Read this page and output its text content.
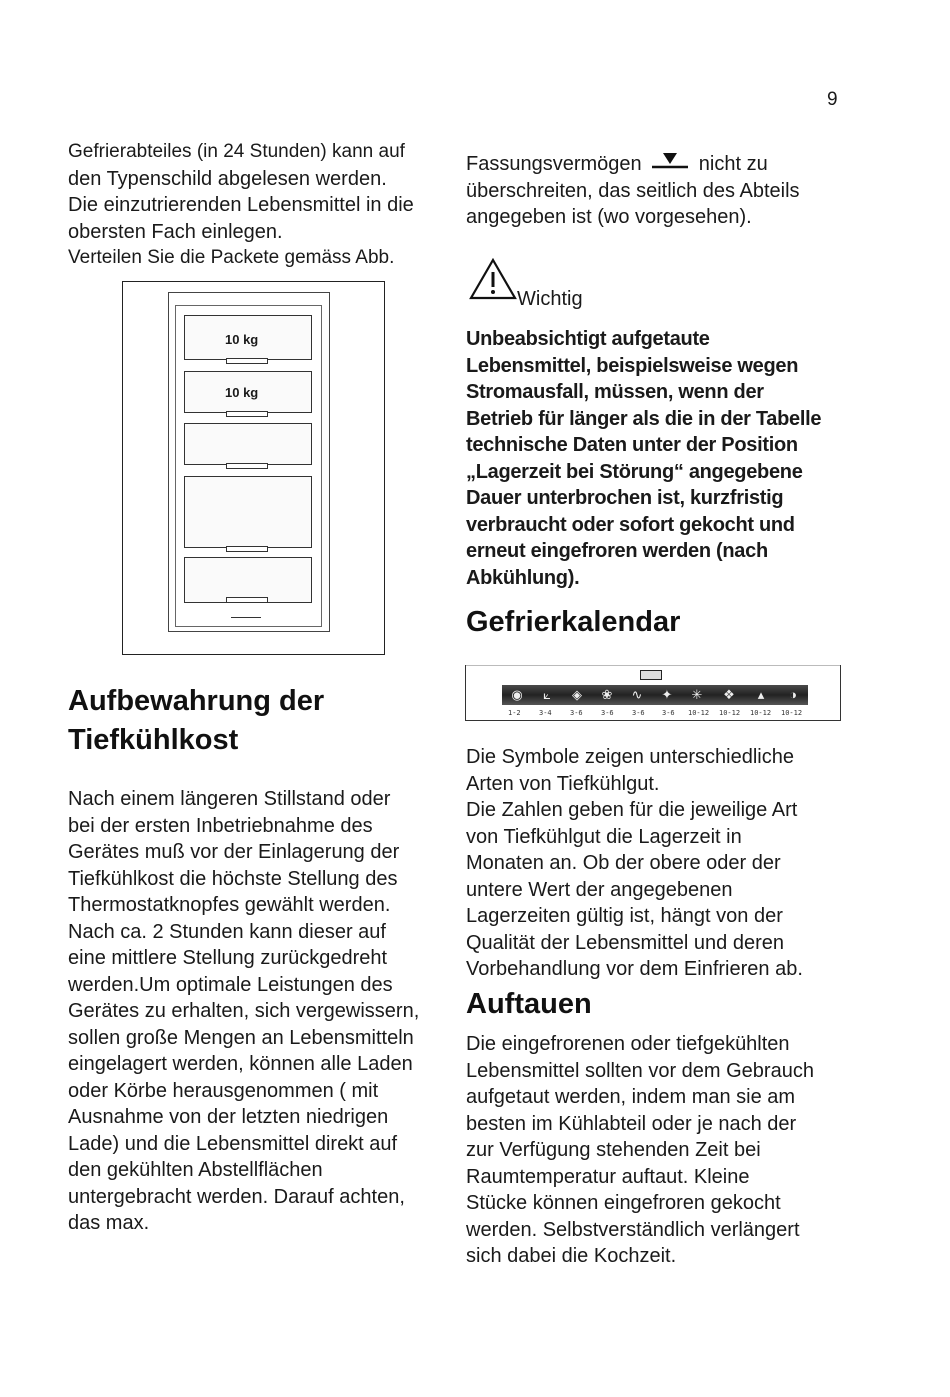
9
Gefrierabteiles (in 24 Stunden) kann auf
den Typenschild abgelesen werden.
Die einzutrierenden Lebensmittel in die
obersten Fach einlegen.
Verteilen Sie die Packete gemäss Abb.
10 kg
10 kg
Aufbewahrung der
Tiefkühlkost
Nach einem längeren Stillstand oder
bei der ersten Inbetriebnahme des
Gerätes muß vor der Einlagerung der
Tiefkühlkost die höchste Stellung des
Thermostatknopfes gewählt werden.
Nach ca. 2 Stunden kann dieser auf
eine mittlere Stellung zurückgedreht
werden.Um optimale Leistungen des
Gerätes zu erhalten, sich vergewissern,
sollen große Mengen an Lebensmitteln
eingelagert werden, können alle Laden
oder Körbe herausgenommen ( mit
Ausnahme von der letzten niedrigen
Lade) und die Lebensmittel direkt auf
den gekühlten Abstellflächen
untergebracht werden. Darauf achten,
das max.
Fassungsvermögen	nicht zu
überschreiten, das seitlich des Abteils
angegeben ist (wo vorgesehen).
Wichtig
Unbeabsichtigt aufgetaute
Lebensmittel, beispielsweise wegen
Stromausfall, müssen, wenn der
Betrieb für länger als die in der Tabelle
technische Daten unter der Position
„Lagerzeit bei Störung“ angegebene
Dauer unterbrochen ist, kurzfristig
verbraucht oder sofort gekocht und
erneut eingefroren werden (nach
Abkühlung).
Gefrierkalendar
◉	⟀	◈	❀	∿	✦	✳	❖	▴	◑
1-2	3-4	3-6	3-6	3-6 3-6 10-12 10-12 10-12 10-12
Die Symbole zeigen unterschiedliche
Arten von Tiefkühlgut.
Die Zahlen geben für die jeweilige Art
von Tiefkühlgut die Lagerzeit in
Monaten an. Ob der obere oder der
untere Wert der angegebenen
Lagerzeiten gültig ist, hängt von der
Qualität der Lebensmittel und deren
Vorbehandlung vor dem Einfrieren ab.
Auftauen
Die eingefrorenen oder tiefgekühlten
Lebensmittel sollten vor dem Gebrauch
aufgetaut werden, indem man sie am
besten im Kühlabteil oder je nach der
zur Verfügung stehenden Zeit bei
Raumtemperatur auftaut. Kleine
Stücke können eingefroren gekocht
werden. Selbstverständlich verlängert
sich dabei die Kochzeit.
